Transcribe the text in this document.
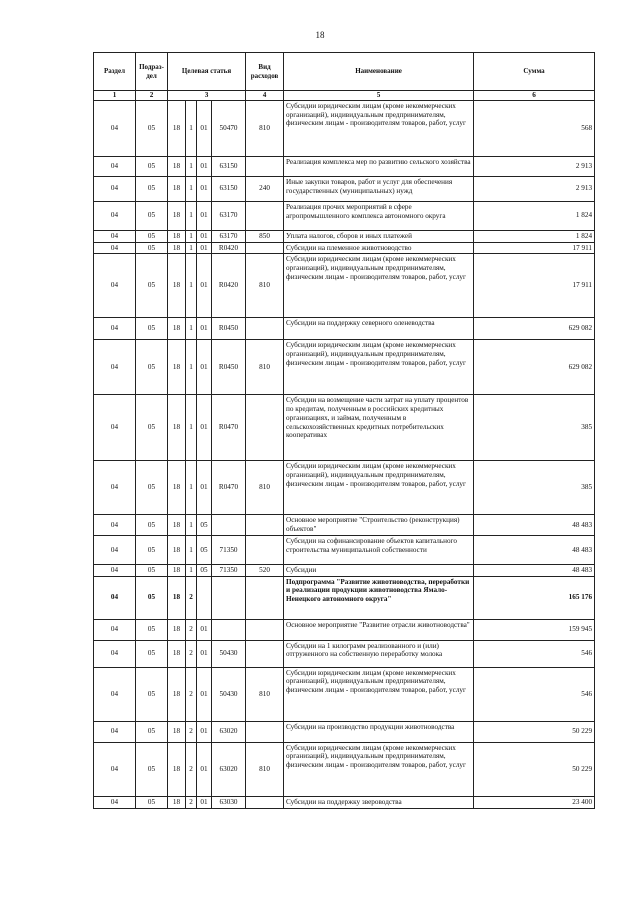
18
Раздел	Подраз-дел	Целевая статья				Вид расходов	Наименование	Сумма
1	2	3				4	5	6
04	05	18	1	01	50470	810	Субсидии юридическим лицам (кроме некоммерческих организаций), индивидуальным предпринимателям, физическим лицам - производителям товаров, работ, услуг	568
04	05	18	1	01	63150		Реализация комплекса мер по развитию сельского хозяйства	2 913
04	05	18	1	01	63150	240	Иные закупки товаров, работ и услуг для обеспечения государственных (муниципальных) нужд	2 913
04	05	18	1	01	63170		Реализация прочих мероприятий в сфере агропромышленного комплекса автономного округа	1 824
04	05	18	1	01	63170	850	Уплата налогов, сборов и иных платежей	1 824
04	05	18	1	01	R0420		Субсидии на племенное животноводство	17 911
04	05	18	1	01	R0420	810	Субсидии юридическим лицам (кроме некоммерческих организаций), индивидуальным предпринимателям, физическим лицам - производителям товаров, работ, услуг	17 911
04	05	18	1	01	R0450		Субсидии на поддержку северного оленеводства	629 082
04	05	18	1	01	R0450	810	Субсидии юридическим лицам (кроме некоммерческих организаций), индивидуальным предпринимателям, физическим лицам - производителям товаров, работ, услуг	629 082
04	05	18	1	01	R0470		Субсидии на возмещение части затрат на уплату процентов по кредитам, полученным в российских кредитных организациях, и займам, полученным в сельскохозяйственных кредитных потребительских кооперативах	385
04	05	18	1	01	R0470	810	Субсидии юридическим лицам (кроме некоммерческих организаций), индивидуальным предпринимателям, физическим лицам - производителям товаров, работ, услуг	385
04	05	18	1	05			Основное мероприятие "Строительство (реконструкция) объектов"	48 483
04	05	18	1	05	71350		Субсидии на софинансирование объектов капитального строительства муниципальной собственности	48 483
04	05	18	1	05	71350	520	Субсидии	48 483
04	05	18	2				Подпрограмма "Развитие животноводства, переработки и реализации продукции животноводства Ямало-Ненецкого автономного округа"	165 176
04	05	18	2	01			Основное мероприятие "Развитие отрасли животноводства"	159 945
04	05	18	2	01	50430		Субсидии на 1 килограмм реализованного и (или) отгруженного на собственную переработку молока	546
04	05	18	2	01	50430	810	Субсидии юридическим лицам (кроме некоммерческих организаций), индивидуальным предпринимателям, физическим лицам - производителям товаров, работ, услуг	546
04	05	18	2	01	63020		Субсидии на производство продукции животноводства	50 229
04	05	18	2	01	63020	810	Субсидии юридическим лицам (кроме некоммерческих организаций), индивидуальным предпринимателям, физическим лицам - производителям товаров, работ, услуг	50 229
04	05	18	2	01	63030		Субсидии на поддержку звероводства	23 400
